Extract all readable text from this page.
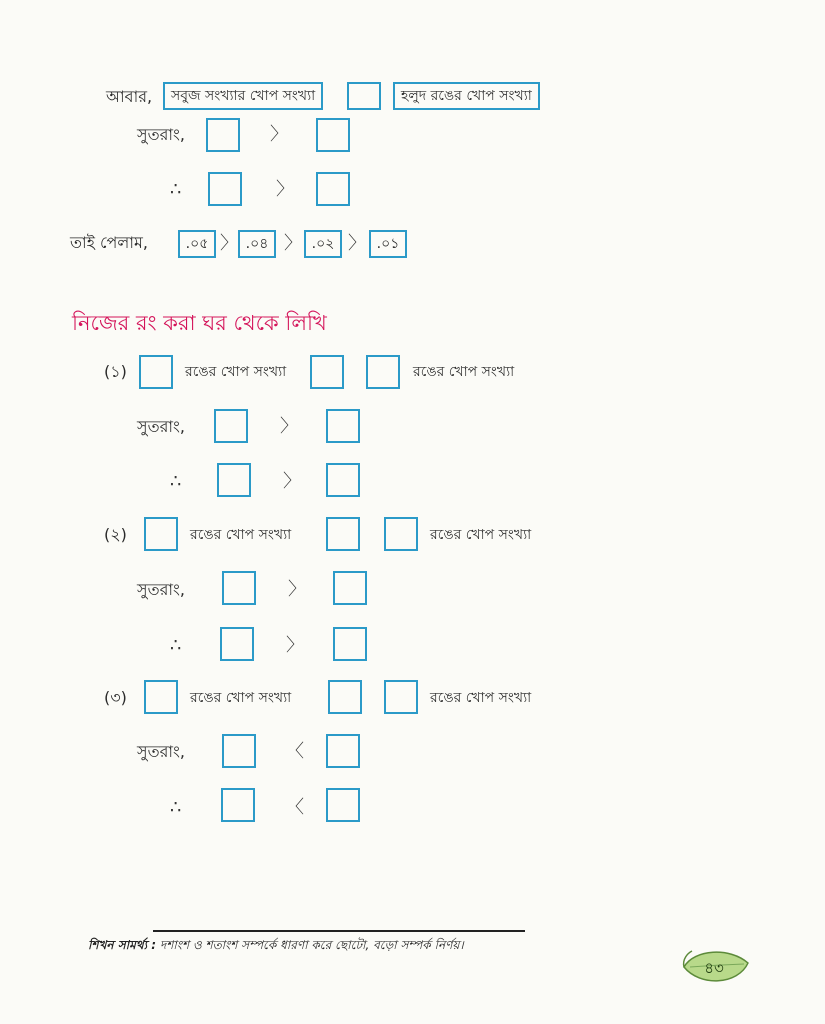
আবার,	সবুজ সংখ্যার খোপ সংখ্যা	হলুদ রঙের খোপ সংখ্যা
সুতরাং,	〉
∴	〉
তাই পেলাম,	.০৫ 〉 .০৪ 〉 .০২ 〉 .০১
নিজের রং করা ঘর থেকে লিখি
(১)	রঙের খোপ সংখ্যা	রঙের খোপ সংখ্যা
সুতরাং,	〉
∴	〉
(২)	রঙের খোপ সংখ্যা	রঙের খোপ সংখ্যা
সুতরাং,	〉
∴	〉
(৩)	রঙের খোপ সংখ্যা	রঙের খোপ সংখ্যা
সুতরাং,	〈
∴	〈
শিখন সামর্থ্য : দশাংশ ও শতাংশ সম্পর্কে ধারণা করে ছোটো, বড়ো সম্পর্ক নির্ণয়।
৪৩
